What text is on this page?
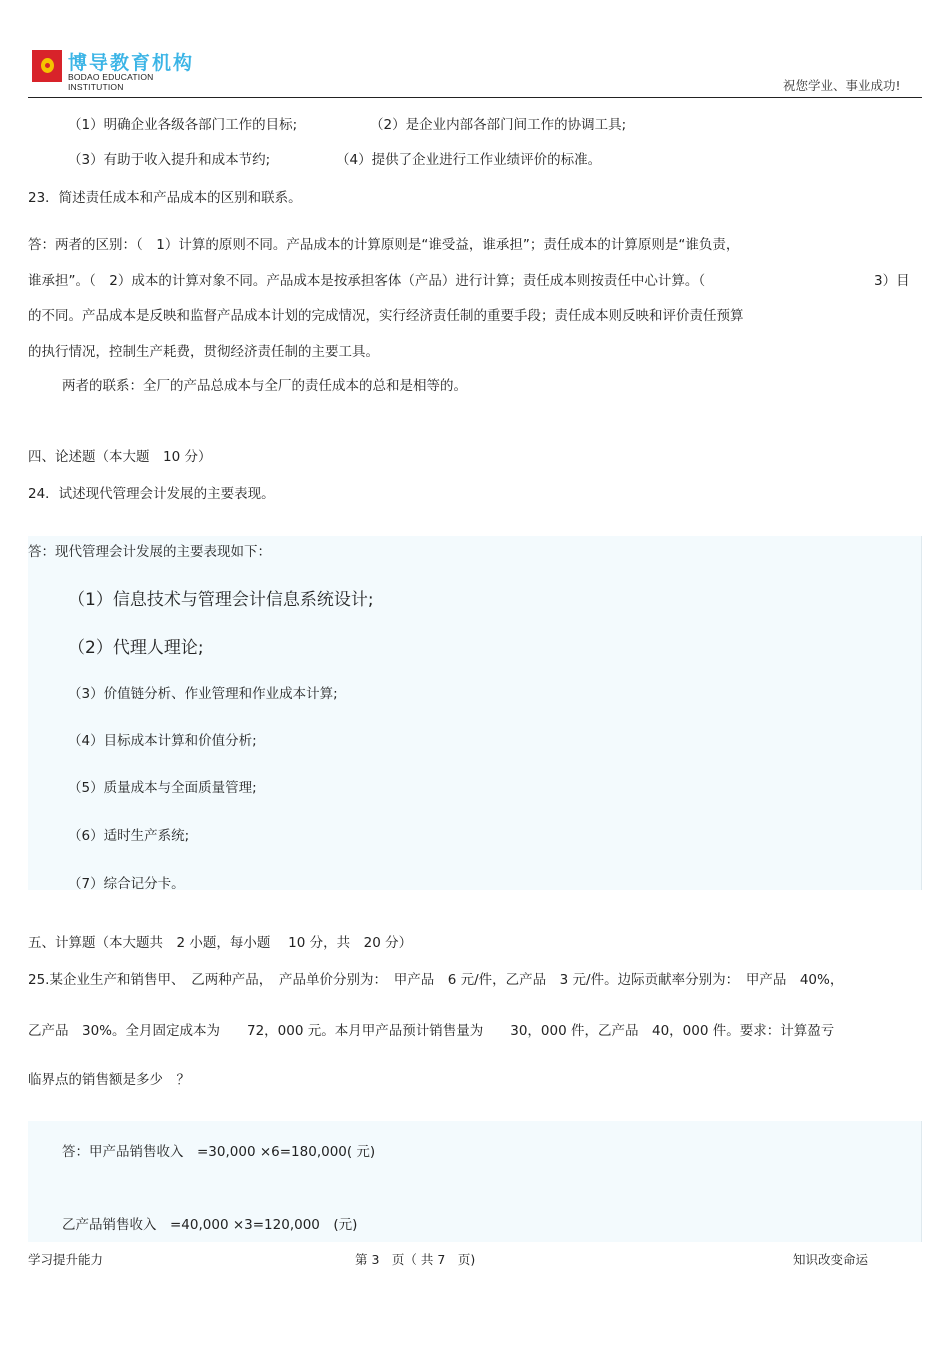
博导教育机构
BODAO EDUCATION INSTITUTION	祝您学业、事业成功!
（1）明确企业各级各部门工作的目标;	（2）是企业内部各部门间工作的协调工具;
（3）有助于收入提升和成本节约;	（4）提供了企业进行工作业绩评价的标准。
23．简述责任成本和产品成本的区别和联系。
答：两者的区别：（　1）计算的原则不同。产品成本的计算原则是“谁受益，谁承担”；责任成本的计算原则是“谁负责，
谁承担”。（　2）成本的计算对象不同。产品成本是按承担客体（产品）进行计算；责任成本则按责任中心计算。（	3）目
的不同。产品成本是反映和监督产品成本计划的完成情况，实行经济责任制的重要手段；责任成本则反映和评价责任预算
的执行情况，控制生产耗费，贯彻经济责任制的主要工具。
两者的联系：全厂的产品总成本与全厂的责任成本的总和是相等的。
四、论述题（本大题　10 分）
24．试述现代管理会计发展的主要表现。
答：现代管理会计发展的主要表现如下：
（1）信息技术与管理会计信息系统设计;
（2）代理人理论;
（3）价值链分析、作业管理和作业成本计算;
（4）目标成本计算和价值分析;
（5）质量成本与全面质量管理;
（6）适时生产系统;
（7）综合记分卡。
五、计算题（本大题共　2 小题，每小题　 10 分，共　20 分）
25.某企业生产和销售甲、　乙两种产品，　产品单价分别为：　甲产品　6 元/件，乙产品　3 元/件。边际贡献率分别为：　甲产品　40%，
乙产品　30%。全月固定成本为　　72，000 元。本月甲产品预计销售量为　　30，000 件，乙产品　40，000 件。要求：计算盈亏
临界点的销售额是多少　？
答：甲产品销售收入　=30,000 ×6=180,000( 元)
乙产品销售收入　=40,000 ×3=120,000　(元)
学习提升能力	第 3　页（ 共 7　页)	知识改变命运
